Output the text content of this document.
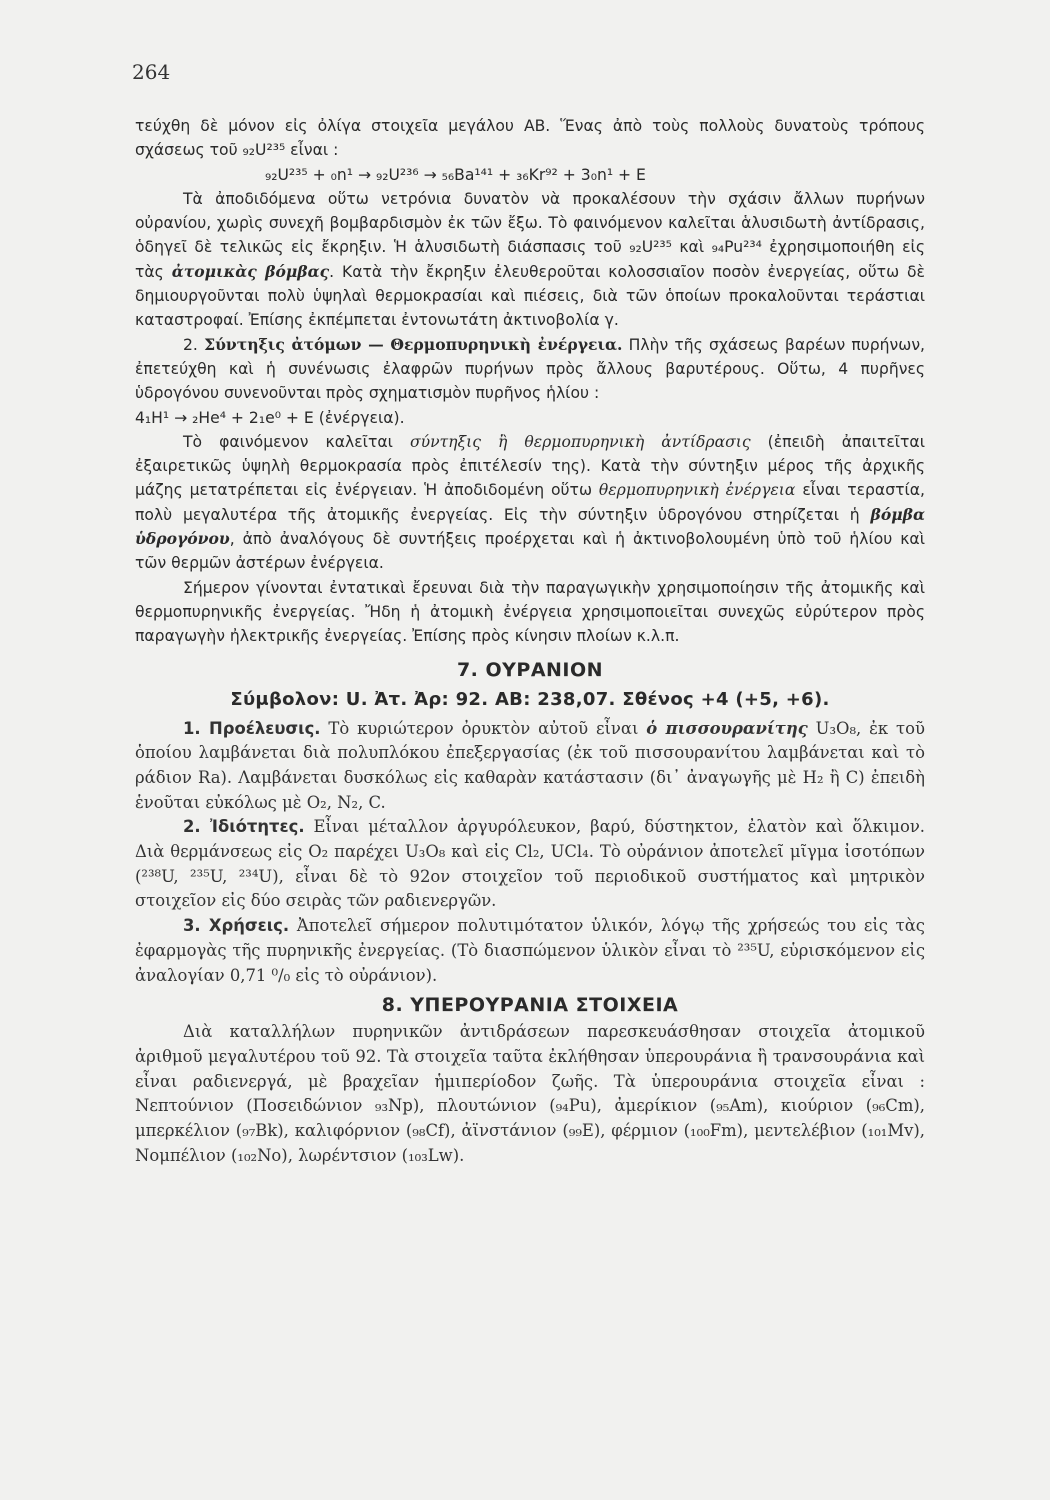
264

τεύχθη δὲ μόνον εἰς ὀλίγα στοιχεῖα μεγάλου ΑΒ. Ἕνας ἀπὸ τοὺς πολλοὺς δυνατοὺς τρόπους σχάσεως τοῦ ₉₂U²³⁵ εἶναι :

₉₂U²³⁵ + ₀n¹ → ₉₂U²³⁶ → ₅₆Ba¹⁴¹ + ₃₆Kr⁹² + 3₀n¹ + E

Τὰ ἀποδιδόμενα οὕτω νετρόνια δυνατὸν νὰ προκαλέσουν τὴν σχάσιν ἄλλων πυρήνων οὐρανίου, χωρὶς συνεχῆ βομβαρδισμὸν ἐκ τῶν ἔξω. Τὸ φαινόμενον καλεῖται ἁλυσιδωτὴ ἀντίδρασις, ὁδηγεῖ δὲ τελικῶς εἰς ἔκρηξιν. Ἡ ἁλυσιδωτὴ διάσπασις τοῦ ₉₂U²³⁵ καὶ ₉₄Pu²³⁴ ἐχρησιμοποιήθη εἰς τὰς ἀτομικὰς βόμβας. Κατὰ τὴν ἔκρηξιν ἐλευθεροῦται κολοσσιαῖον ποσὸν ἐνεργείας, οὕτω δὲ δημιουργοῦνται πολὺ ὑψηλαὶ θερμοκρασίαι καὶ πιέσεις, διὰ τῶν ὁποίων προκαλοῦνται τεράστιαι καταστροφαί. Ἐπίσης ἐκπέμπεται ἐντονωτάτη ἀκτινοβολία γ.

2. Σύντηξις ἀτόμων — Θερμοπυρηνικὴ ἐνέργεια. Πλὴν τῆς σχάσεως βαρέων πυρήνων, ἐπετεύχθη καὶ ἡ συνένωσις ἐλαφρῶν πυρήνων πρὸς ἄλλους βαρυτέρους. Οὕτω, 4 πυρῆνες ὑδρογόνου συνενοῦνται πρὸς σχηματισμὸν πυρῆνος ἡλίου :

4₁H¹ → ₂He⁴ + 2₁e⁰ + E (ἐνέργεια).

Τὸ φαινόμενον καλεῖται σύντηξις ἢ θερμοπυρηνικὴ ἀντίδρασις (ἐπειδὴ ἀπαιτεῖται ἐξαιρετικῶς ὑψηλὴ θερμοκρασία πρὸς ἐπιτέλεσίν της). Κατὰ τὴν σύντηξιν μέρος τῆς ἀρχικῆς μάζης μετατρέπεται εἰς ἐνέργειαν. Ἡ ἀποδιδομένη οὕτω θερμοπυρηνικὴ ἐνέργεια εἶναι τεραστία, πολὺ μεγαλυτέρα τῆς ἀτομικῆς ἐνεργείας. Εἰς τὴν σύντηξιν ὑδρογόνου στηρίζεται ἡ βόμβα ὑδρογόνου, ἀπὸ ἀναλόγους δὲ συντήξεις προέρχεται καὶ ἡ ἀκτινοβολουμένη ὑπὸ τοῦ ἡλίου καὶ τῶν θερμῶν ἀστέρων ἐνέργεια.

Σήμερον γίνονται ἐντατικαὶ ἔρευναι διὰ τὴν παραγωγικὴν χρησιμοποίησιν τῆς ἀτομικῆς καὶ θερμοπυρηνικῆς ἐνεργείας. Ἤδη ἡ ἀτομικὴ ἐνέργεια χρησιμοποιεῖται συνεχῶς εὐρύτερον πρὸς παραγωγὴν ἠλεκτρικῆς ἐνεργείας. Ἐπίσης πρὸς κίνησιν πλοίων κ.λ.π.

7. ΟΥΡΑΝΙΟΝ
Σύμβολον: U. Ἀτ. Ἀρ: 92. AB: 238,07. Σθένος +4 (+5, +6).

1. Προέλευσις. Τὸ κυριώτερον ὀρυκτὸν αὐτοῦ εἶναι ὁ πισσουρανίτης U₃O₈, ἐκ τοῦ ὁποίου λαμβάνεται διὰ πολυπλόκου ἐπεξεργασίας (ἐκ τοῦ πισσουρανίτου λαμβάνεται καὶ τὸ ράδιον Ra). Λαμβάνεται δυσκόλως εἰς καθαρὰν κατάστασιν (δι᾿ ἀναγωγῆς μὲ H₂ ἢ C) ἐπειδὴ ἑνοῦται εὐκόλως μὲ O₂, N₂, C.

2. Ἰδιότητες. Εἶναι μέταλλον ἀργυρόλευκον, βαρύ, δύστηκτον, ἐλατὸν καὶ ὅλκιμον. Διὰ θερμάνσεως εἰς O₂ παρέχει U₃O₈ καὶ εἰς Cl₂, UCl₄. Τὸ οὐράνιον ἀποτελεῖ μῖγμα ἰσοτόπων (²³⁸U, ²³⁵U, ²³⁴U), εἶναι δὲ τὸ 92ον στοιχεῖον τοῦ περιοδικοῦ συστήματος καὶ μητρικὸν στοιχεῖον εἰς δύο σειρὰς τῶν ραδιενεργῶν.

3. Χρήσεις. Ἀποτελεῖ σήμερον πολυτιμότατον ὑλικόν, λόγῳ τῆς χρήσεώς του εἰς τὰς ἐφαρμογὰς τῆς πυρηνικῆς ἐνεργείας. (Τὸ διασπώμενον ὑλικὸν εἶναι τὸ ²³⁵U, εὑρισκόμενον εἰς ἀναλογίαν 0,71 ⁰/₀ εἰς τὸ οὐράνιον).

8. ΥΠΕΡΟΥΡΑΝΙΑ ΣΤΟΙΧΕΙΑ

Διὰ καταλλήλων πυρηνικῶν ἀντιδράσεων παρεσκευάσθησαν στοιχεῖα ἀτομικοῦ ἀριθμοῦ μεγαλυτέρου τοῦ 92. Τὰ στοιχεῖα ταῦτα ἐκλήθησαν ὑπερουράνια ἢ τρανσουράνια καὶ εἶναι ραδιενεργά, μὲ βραχεῖαν ἡμιπερίοδον ζωῆς. Τὰ ὑπερουράνια στοιχεῖα εἶναι : Νεπτούνιον (Ποσειδώνιον ₉₃Np), πλουτώνιον (₉₄Pu), ἀμερίκιον (₉₅Am), κιούριον (₉₆Cm), μπερκέλιον (₉₇Bk), καλιφόρνιον (₉₈Cf), ἀϊνστάνιον (₉₉E), φέρμιον (₁₀₀Fm), μεντελέβιον (₁₀₁Mv), Νομπέλιον (₁₀₂No), λωρέντσιον (₁₀₃Lw).
